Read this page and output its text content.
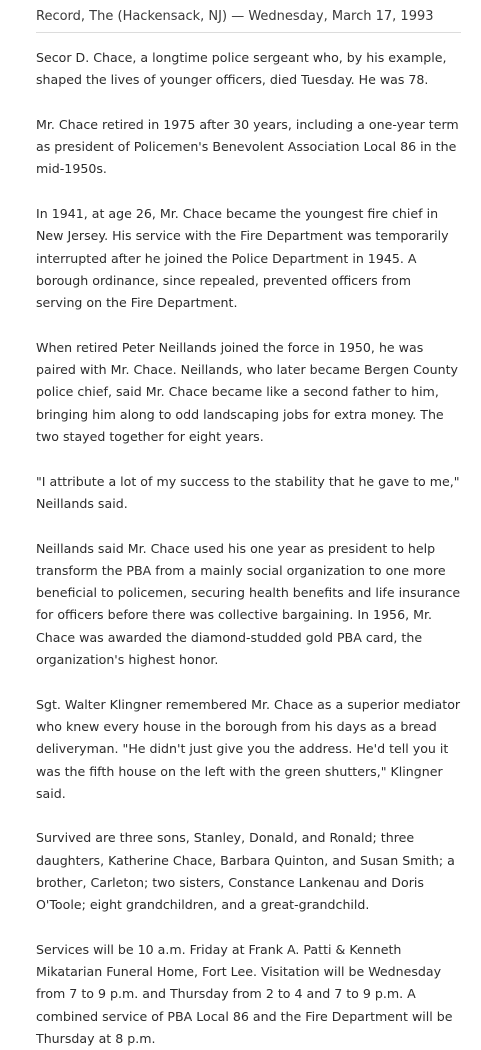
Record, The (Hackensack, NJ) — Wednesday, March 17, 1993

Secor D. Chace, a longtime police sergeant who, by his example, shaped the lives of younger officers, died Tuesday. He was 78.

Mr. Chace retired in 1975 after 30 years, including a one-year term as president of Policemen's Benevolent Association Local 86 in the mid-1950s.

In 1941, at age 26, Mr. Chace became the youngest fire chief in New Jersey. His service with the Fire Department was temporarily interrupted after he joined the Police Department in 1945. A borough ordinance, since repealed, prevented officers from serving on the Fire Department.

When retired Peter Neillands joined the force in 1950, he was paired with Mr. Chace. Neillands, who later became Bergen County police chief, said Mr. Chace became like a second father to him, bringing him along to odd landscaping jobs for extra money. The two stayed together for eight years.

"I attribute a lot of my success to the stability that he gave to me," Neillands said.

Neillands said Mr. Chace used his one year as president to help transform the PBA from a mainly social organization to one more beneficial to policemen, securing health benefits and life insurance for officers before there was collective bargaining. In 1956, Mr. Chace was awarded the diamond-studded gold PBA card, the organization's highest honor.

Sgt. Walter Klingner remembered Mr. Chace as a superior mediator who knew every house in the borough from his days as a bread deliveryman. "He didn't just give you the address. He'd tell you it was the fifth house on the left with the green shutters," Klingner said.

Survived are three sons, Stanley, Donald, and Ronald; three daughters, Katherine Chace, Barbara Quinton, and Susan Smith; a brother, Carleton; two sisters, Constance Lankenau and Doris O'Toole; eight grandchildren, and a great-grandchild.

Services will be 10 a.m. Friday at Frank A. Patti & Kenneth Mikatarian Funeral Home, Fort Lee. Visitation will be Wednesday from 7 to 9 p.m. and Thursday from 2 to 4 and 7 to 9 p.m. A combined service of PBA Local 86 and the Fire Department will be Thursday at 8 p.m.
